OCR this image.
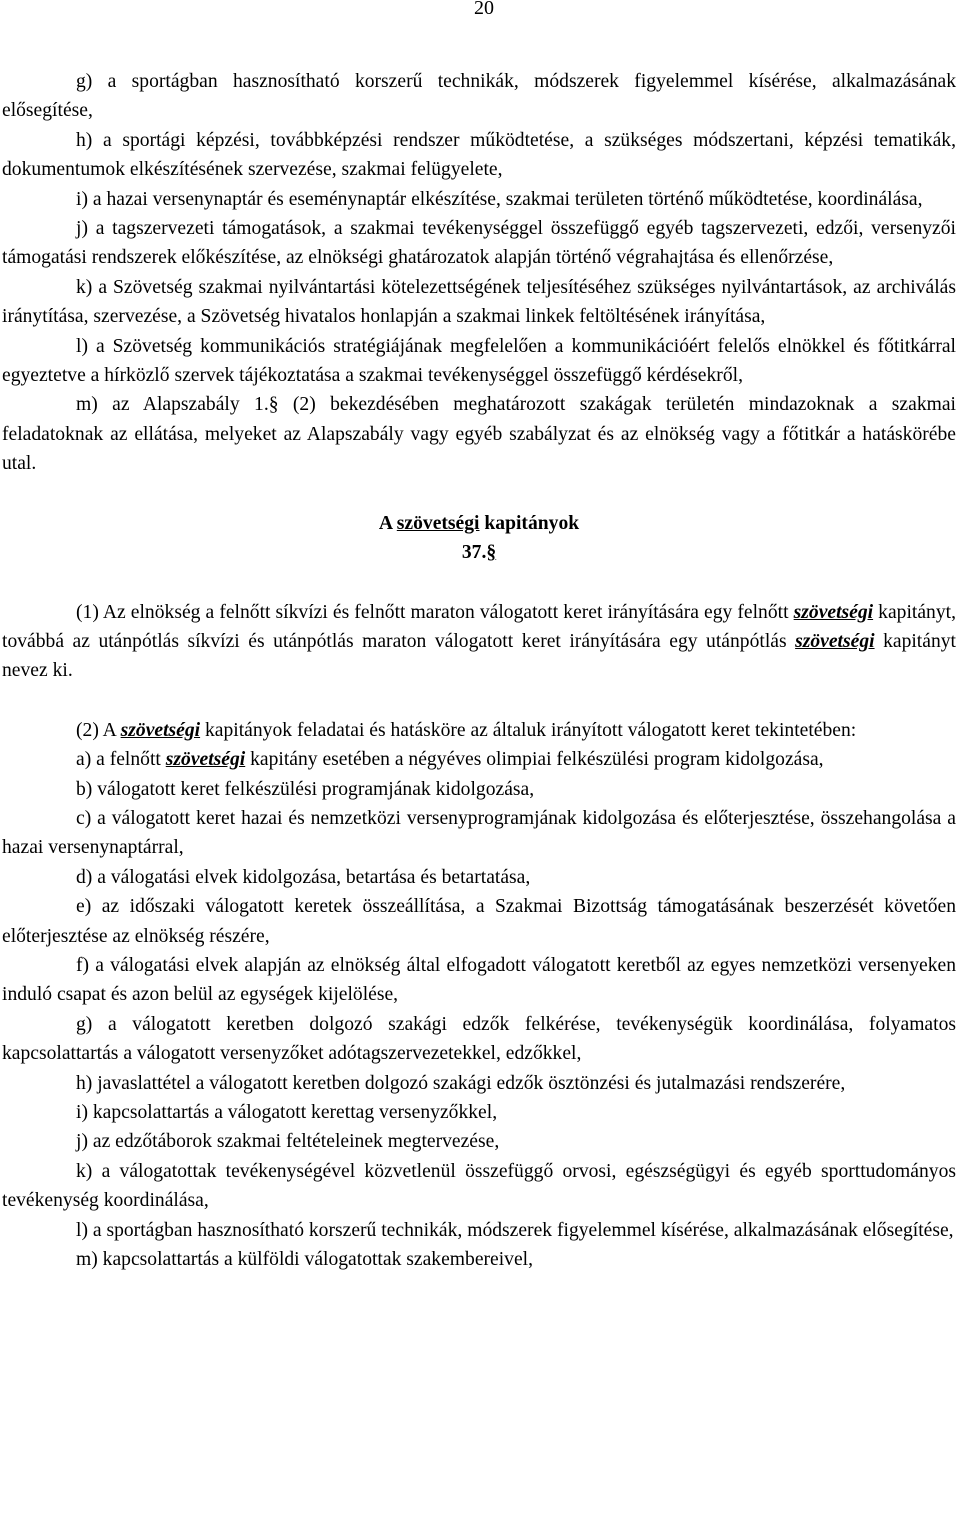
20

g) a sportágban hasznosítható korszerű technikák, módszerek figyelemmel kísérése, alkalmazásának elősegítése,

h) a sportági képzési, továbbképzési rendszer működtetése, a szükséges módszertani, képzési tematikák, dokumentumok elkészítésének szervezése, szakmai felügyelete,

i) a hazai versenynaptár és eseménynaptár elkészítése, szakmai területen történő működtetése, koordinálása,

j) a tagszervezeti támogatások, a szakmai tevékenységgel összefüggő egyéb tagszervezeti, edzői, versenyzői támogatási rendszerek előkészítése, az elnökségi ghatározatok alapján történő végrahajtása és ellenőrzése,

k) a Szövetség szakmai nyilvántartási kötelezettségének teljesítéséhez szükséges nyilvántartások, az archiválás iránytítása, szervezése, a Szövetség hivatalos honlapján a szakmai linkek feltöltésének irányítása,

l) a Szövetség kommunikációs stratégiájának megfelelően a kommunikációért felelős elnökkel és főtitkárral egyeztetve a hírközlő szervek tájékoztatása a szakmai tevékenységgel összefüggő kérdésekről,

m) az Alapszabály 1.§ (2) bekezdésében meghatározott szakágak területén mindazoknak a szakmai feladatoknak az ellátása, melyeket az Alapszabály vagy egyéb szabályzat és az elnökség vagy a főtitkár a hatáskörébe utal.

A szövetségi kapitányok

37.§

(1) Az elnökség a felnőtt síkvízi és felnőtt maraton válogatott keret irányítására egy felnőtt szövetségi kapitányt, továbbá az utánpótlás síkvízi és utánpótlás maraton válogatott keret irányítására egy utánpótlás szövetségi kapitányt nevez ki.

(2) A szövetségi kapitányok feladatai és hatásköre az általuk irányított válogatott keret tekintetében:

a) a felnőtt szövetségi kapitány esetében a négyéves olimpiai felkészülési program kidolgozása,

b) válogatott keret felkészülési programjának kidolgozása,

c) a válogatott keret hazai és nemzetközi versenyprogramjának kidolgozása és előterjesztése, összehangolása a hazai versenynaptárral,

d) a válogatási elvek kidolgozása, betartása és betartatása,

e) az időszaki válogatott keretek összeállítása, a Szakmai Bizottság támogatásának beszerzését követően előterjesztése az elnökség részére,

f) a válogatási elvek alapján az elnökség által elfogadott válogatott keretből az egyes nemzetközi versenyeken induló csapat és azon belül az egységek kijelölése,

g) a válogatott keretben dolgozó szakági edzők felkérése, tevékenységük koordinálása, folyamatos kapcsolattartás a válogatott versenyzőket adótagszervezetekkel, edzőkkel,

h) javaslattétel a válogatott keretben dolgozó szakági edzők ösztönzési és jutalmazási rendszerére,

i) kapcsolattartás a válogatott kerettag versenyzőkkel,

j) az edzőtáborok szakmai feltételeinek megtervezése,

k) a válogatottak tevékenységével közvetlenül összefüggő orvosi, egészségügyi és egyéb sporttudományos tevékenység koordinálása,

l) a sportágban hasznosítható korszerű technikák, módszerek figyelemmel kísérése, alkalmazásának elősegítése,

m) kapcsolattartás a külföldi válogatottak szakembereivel,
